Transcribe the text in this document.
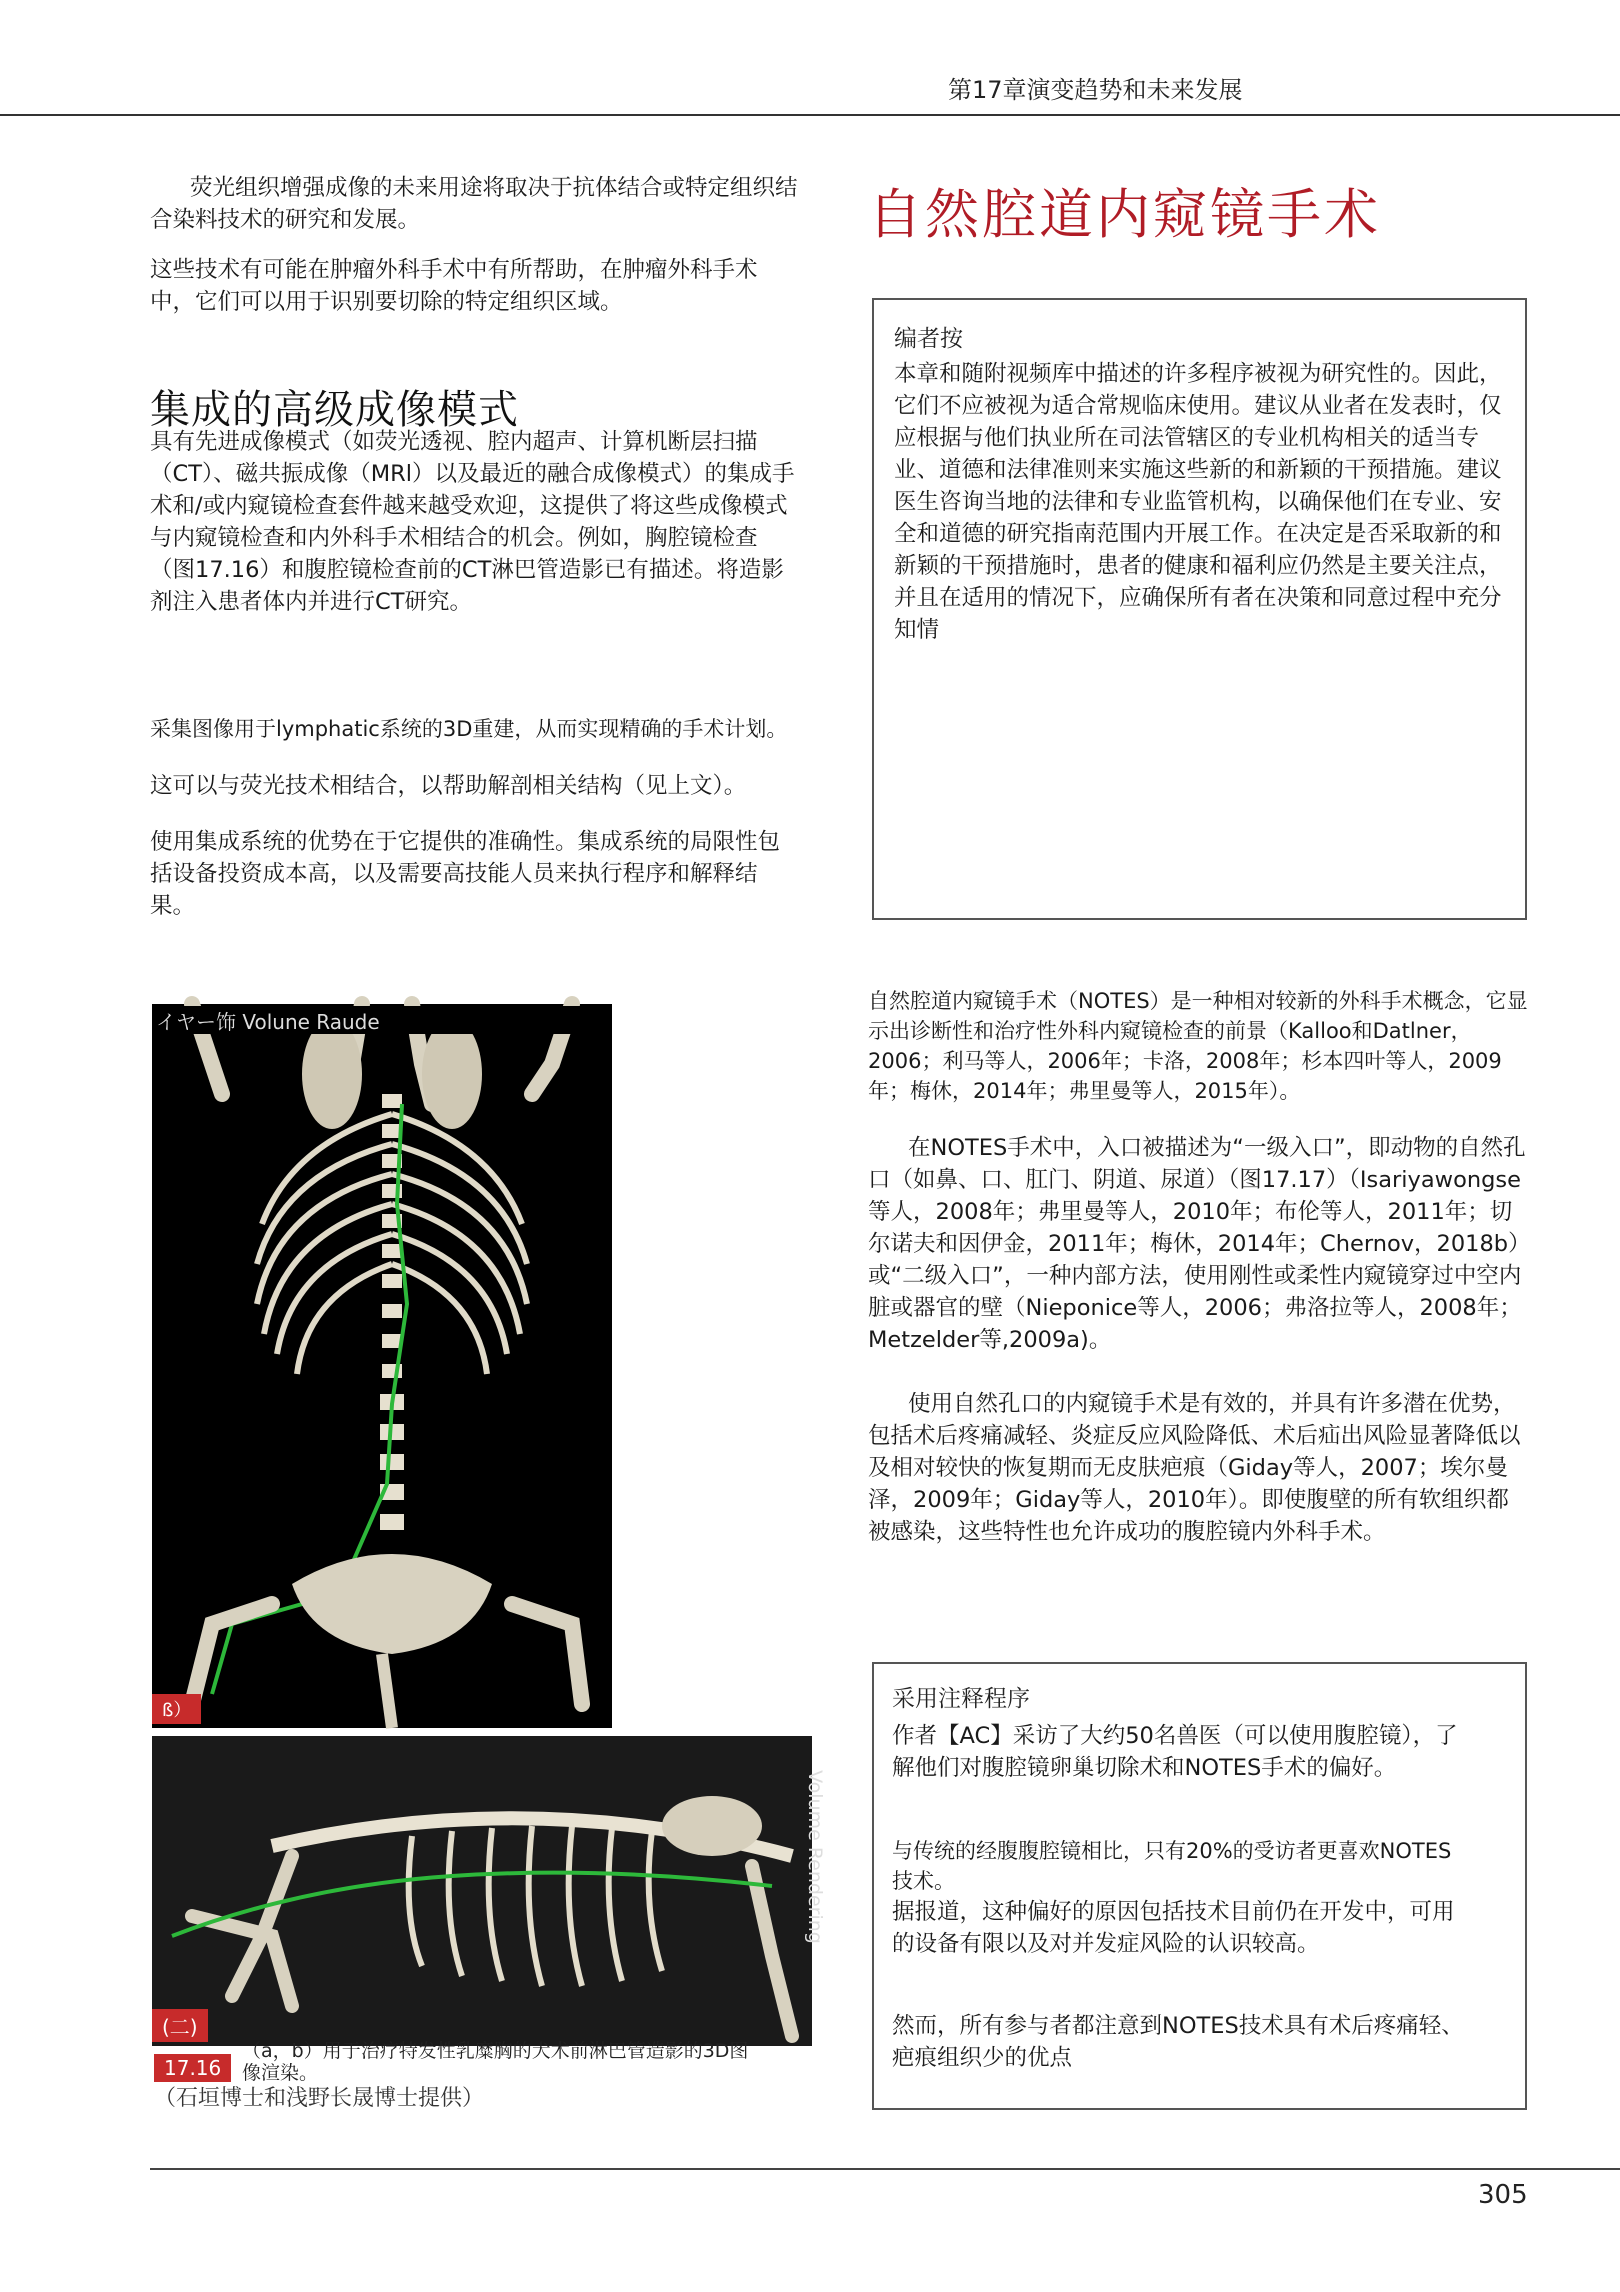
第17章演变趋势和未来发展
荧光组织增强成像的未来用途将取决于抗体结合或特定组织结合染料技术的研究和发展。
这些技术有可能在肿瘤外科手术中有所帮助，在肿瘤外科手术中，它们可以用于识别要切除的特定组织区域。
集成的高级成像模式
具有先进成像模式（如荧光透视、腔内超声、计算机断层扫描（CT）、磁共振成像（MRl）以及最近的融合成像模式）的集成手术和/或内窥镜检查套件越来越受欢迎，这提供了将这些成像模式与内窥镜检查和内外科手术相结合的机会。例如，胸腔镜检查（图17.16）和腹腔镜检查前的CT淋巴管造影已有描述。将造影剂注入患者体内并进行CT研究。
采集图像用于lymphatic系统的3D重建，从而实现精确的手术计划。
这可以与荧光技术相结合，以帮助解剖相关结构（见上文）。
使用集成系统的优势在于它提供的准确性。集成系统的局限性包括设备投资成本高，以及需要高技能人员来执行程序和解释结果。
自然腔道内窥镜手术
编者按
本章和随附视频库中描述的许多程序被视为研究性的。因此，它们不应被视为适合常规临床使用。建议从业者在发表时，仅应根据与他们执业所在司法管辖区的专业机构相关的适当专业、道德和法律准则来实施这些新的和新颖的干预措施。建议医生咨询当地的法律和专业监管机构，以确保他们在专业、安全和道德的研究指南范围内开展工作。在决定是否采取新的和新颖的干预措施时，患者的健康和福利应仍然是主要关注点，并且在适用的情况下，应确保所有者在决策和同意过程中充分知情
自然腔道内窥镜手术（NOTES）是一种相对较新的外科手术概念，它显示出诊断性和治疗性外科内窥镜检查的前景（Kalloo和Datlner，2006；利马等人，2006年；卡洛，2008年；杉本四叶等人，2009年；梅休，2014年；弗里曼等人，2015年）。
在NOTES手术中，入口被描述为“一级入口”，即动物的自然孔口（如鼻、口、肛门、阴道、尿道）（图17.17）（Isariyawongse等人，2008年；弗里曼等人，2010年；布伦等人，2011年；切尔诺夫和因伊金，2011年；梅休，2014年；Chernov，2018b）或“二级入口”，一种内部方法，使用刚性或柔性内窥镜穿过中空内脏或器官的壁（Nieponice等人，2006；弗洛拉等人，2008年；Metzelder等,2009a)。
使用自然孔口的内窥镜手术是有效的，并具有许多潜在优势，包括术后疼痛减轻、炎症反应风险降低、术后疝出风险显著降低以及相对较快的恢复期而无皮肤疤痕（Giday等人，2007；埃尔曼泽，2009年；Giday等人，2010年）。即使腹壁的所有软组织都被感染，这些特性也允许成功的腹腔镜内外科手术。
采用注释程序
作者【AC】采访了大约50名兽医（可以使用腹腔镜），了解他们对腹腔镜卵巢切除术和NOTES手术的偏好。
与传统的经腹腹腔镜相比，只有20%的受访者更喜欢NOTES技术。
据报道，这种偏好的原因包括技术目前仍在开发中，可用的设备有限以及对并发症风险的认识较高。
然而，所有参与者都注意到NOTES技术具有术后疼痛轻、疤痕组织少的优点
イヤー饰 Volune Raude
ß）
Volume Rendering
(二)
17.16
（a，b）用于治疗特发性乳糜胸的犬术前淋巴管造影的3D图像渲染。
（石垣博士和浅野长晟博士提供）
305
